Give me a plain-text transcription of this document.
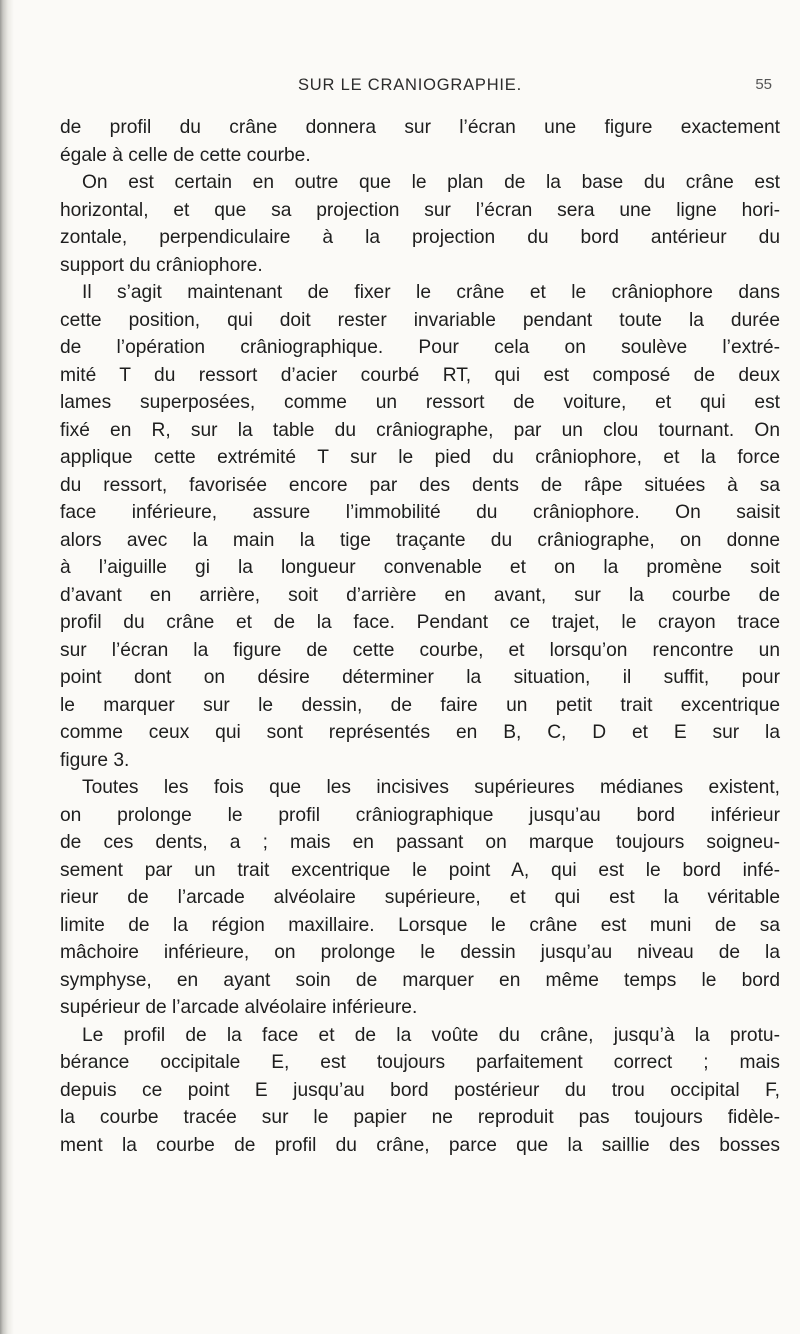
SUR LE CRANIOGRAPHIE.	55
de profil du crâne donnera sur l’écran une figure exactement
égale à celle de cette courbe.
On est certain en outre que le plan de la base du crâne est
horizontal, et que sa projection sur l’écran sera une ligne hori-
zontale, perpendiculaire à la projection du bord antérieur du
support du crâniophore.
Il s’agit maintenant de fixer le crâne et le crâniophore dans
cette position, qui doit rester invariable pendant toute la durée
de l’opération crâniographique. Pour cela on soulève l’extré-
mité T du ressort d’acier courbé RT, qui est composé de deux
lames superposées, comme un ressort de voiture, et qui est
fixé en R, sur la table du crâniographe, par un clou tournant. On
applique cette extrémité T sur le pied du crâniophore, et la force
du ressort, favorisée encore par des dents de râpe situées à sa
face inférieure, assure l’immobilité du crâniophore. On saisit
alors avec la main la tige traçante du crâniographe, on donne
à l’aiguille gi la longueur convenable et on la promène soit
d’avant en arrière, soit d’arrière en avant, sur la courbe de
profil du crâne et de la face. Pendant ce trajet, le crayon trace
sur l’écran la figure de cette courbe, et lorsqu’on rencontre un
point dont on désire déterminer la situation, il suffit, pour
le marquer sur le dessin, de faire un petit trait excentrique
comme ceux qui sont représentés en B, C, D et E sur la
figure 3.
Toutes les fois que les incisives supérieures médianes existent,
on prolonge le profil crâniographique jusqu’au bord inférieur
de ces dents, a ; mais en passant on marque toujours soigneu-
sement par un trait excentrique le point A, qui est le bord infé-
rieur de l’arcade alvéolaire supérieure, et qui est la véritable
limite de la région maxillaire. Lorsque le crâne est muni de sa
mâchoire inférieure, on prolonge le dessin jusqu’au niveau de la
symphyse, en ayant soin de marquer en même temps le bord
supérieur de l’arcade alvéolaire inférieure.
Le profil de la face et de la voûte du crâne, jusqu’à la protu-
bérance occipitale E, est toujours parfaitement correct ; mais
depuis ce point E jusqu’au bord postérieur du trou occipital F,
la courbe tracée sur le papier ne reproduit pas toujours fidèle-
ment la courbe de profil du crâne, parce que la saillie des bosses
